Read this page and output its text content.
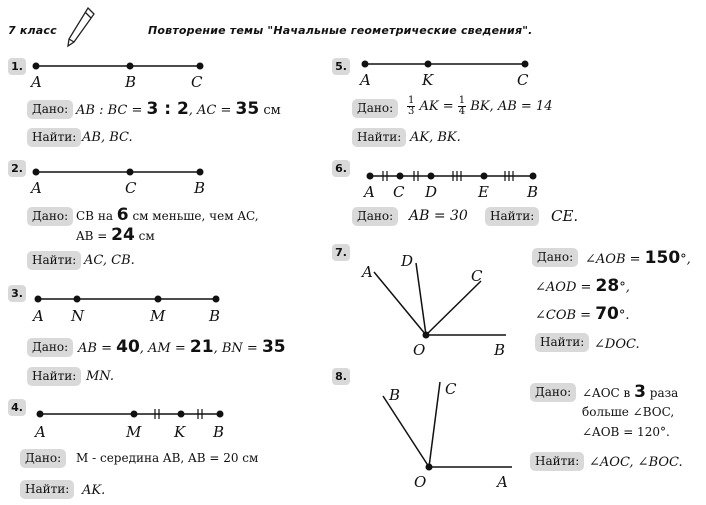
7 класс	Повторение темы "Начальные геометрические сведения".
1.
A	B	C
Дано: AB : BC = 3 : 2, AC = 35 см
Найти: AB, BC.
2.
A	C	B
Дано: CB на 6 см меньше, чем AC,
AB = 24 см
Найти: AC, CB.
3.
A N	M	B
Дано: AB = 40, AM = 21, BN = 35
Найти: MN.
4.
A	M K B
Дано:	M - середина AB, AB = 20 см
Найти: AK.
5.
A	K	C
Дано:	$\frac{1}{3}$ AK = $\frac{1}{4}$ BK, AB = 14
Найти: AK, BK.
6.
A C D	E	B
Дано:	AB = 30	Найти:	CE.
7.
A
D
C
O	B
Дано: ∠AOB = 150°,
∠AOD = 28°,
∠COB = 70°.
Найти: ∠DOC.
8.
B	C
O	A
Дано: ∠AOC в 3 раза
больше ∠BOC,
∠AOB = 120°.
Найти: ∠AOC, ∠BOC.
